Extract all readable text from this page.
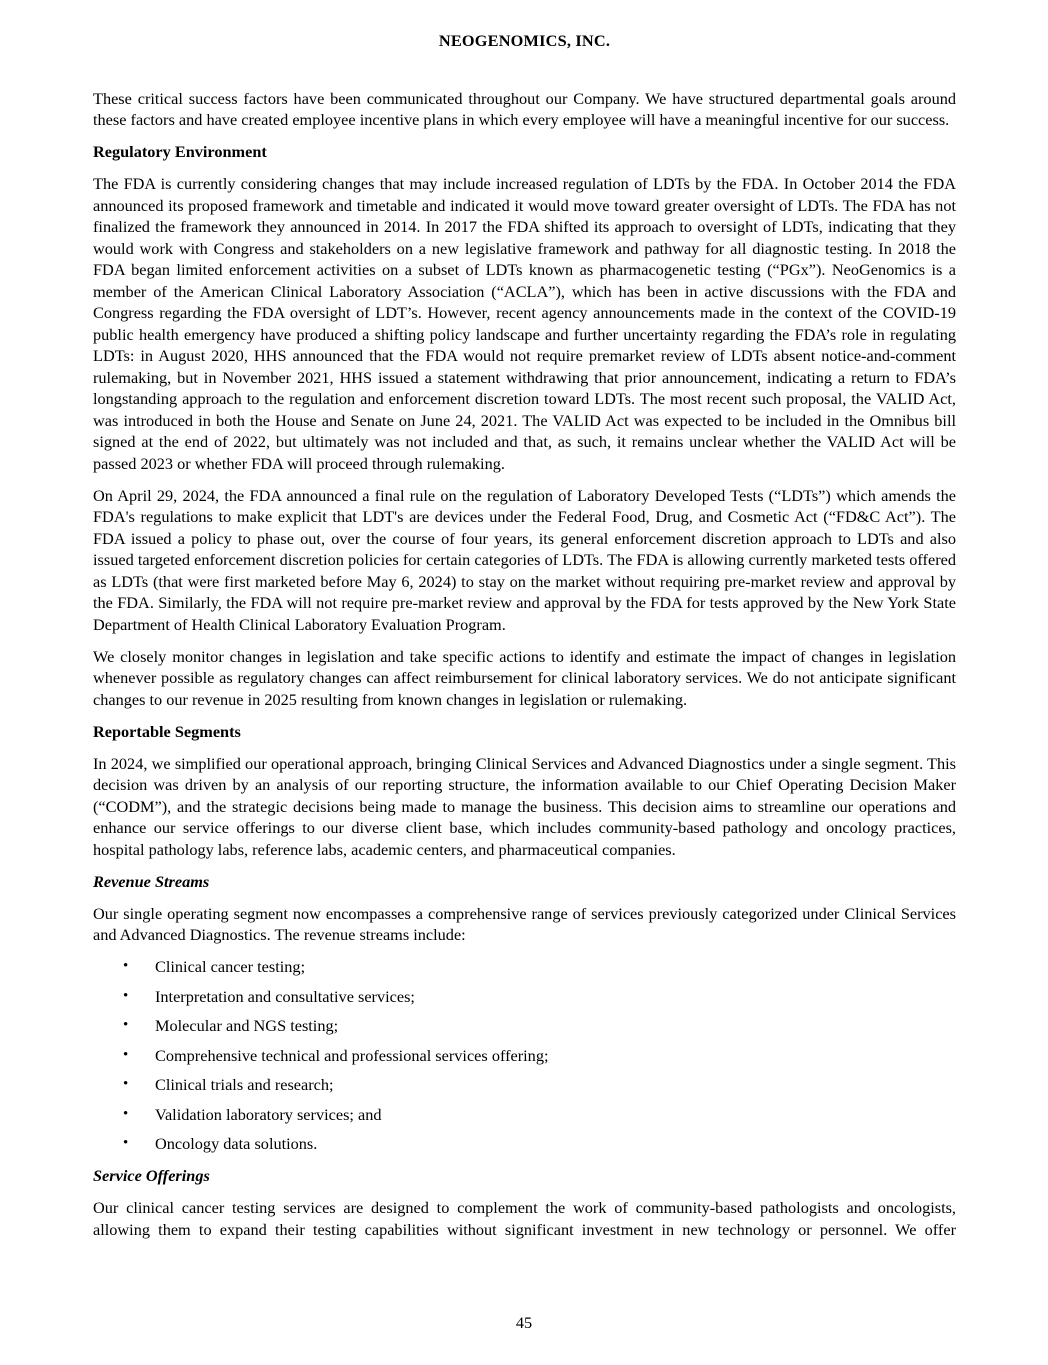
NEOGENOMICS, INC.

These critical success factors have been communicated throughout our Company. We have structured departmental goals around these factors and have created employee incentive plans in which every employee will have a meaningful incentive for our success.

Regulatory Environment

The FDA is currently considering changes that may include increased regulation of LDTs by the FDA. In October 2014 the FDA announced its proposed framework and timetable and indicated it would move toward greater oversight of LDTs. The FDA has not finalized the framework they announced in 2014. In 2017 the FDA shifted its approach to oversight of LDTs, indicating that they would work with Congress and stakeholders on a new legislative framework and pathway for all diagnostic testing. In 2018 the FDA began limited enforcement activities on a subset of LDTs known as pharmacogenetic testing (“PGx”). NeoGenomics is a member of the American Clinical Laboratory Association (“ACLA”), which has been in active discussions with the FDA and Congress regarding the FDA oversight of LDT’s. However, recent agency announcements made in the context of the COVID-19 public health emergency have produced a shifting policy landscape and further uncertainty regarding the FDA’s role in regulating LDTs: in August 2020, HHS announced that the FDA would not require premarket review of LDTs absent notice-and-comment rulemaking, but in November 2021, HHS issued a statement withdrawing that prior announcement, indicating a return to FDA’s longstanding approach to the regulation and enforcement discretion toward LDTs. The most recent such proposal, the VALID Act, was introduced in both the House and Senate on June 24, 2021. The VALID Act was expected to be included in the Omnibus bill signed at the end of 2022, but ultimately was not included and that, as such, it remains unclear whether the VALID Act will be passed 2023 or whether FDA will proceed through rulemaking.

On April 29, 2024, the FDA announced a final rule on the regulation of Laboratory Developed Tests (“LDTs”) which amends the FDA's regulations to make explicit that LDT's are devices under the Federal Food, Drug, and Cosmetic Act (“FD&C Act”). The FDA issued a policy to phase out, over the course of four years, its general enforcement discretion approach to LDTs and also issued targeted enforcement discretion policies for certain categories of LDTs. The FDA is allowing currently marketed tests offered as LDTs (that were first marketed before May 6, 2024) to stay on the market without requiring pre-market review and approval by the FDA. Similarly, the FDA will not require pre-market review and approval by the FDA for tests approved by the New York State Department of Health Clinical Laboratory Evaluation Program.

We closely monitor changes in legislation and take specific actions to identify and estimate the impact of changes in legislation whenever possible as regulatory changes can affect reimbursement for clinical laboratory services. We do not anticipate significant changes to our revenue in 2025 resulting from known changes in legislation or rulemaking.

Reportable Segments

In 2024, we simplified our operational approach, bringing Clinical Services and Advanced Diagnostics under a single segment. This decision was driven by an analysis of our reporting structure, the information available to our Chief Operating Decision Maker (“CODM”), and the strategic decisions being made to manage the business. This decision aims to streamline our operations and enhance our service offerings to our diverse client base, which includes community-based pathology and oncology practices, hospital pathology labs, reference labs, academic centers, and pharmaceutical companies.

Revenue Streams

Our single operating segment now encompasses a comprehensive range of services previously categorized under Clinical Services and Advanced Diagnostics. The revenue streams include:

• Clinical cancer testing;
• Interpretation and consultative services;
• Molecular and NGS testing;
• Comprehensive technical and professional services offering;
• Clinical trials and research;
• Validation laboratory services; and
• Oncology data solutions.
Service Offerings

Our clinical cancer testing services are designed to complement the work of community-based pathologists and oncologists, allowing them to expand their testing capabilities without significant investment in new technology or personnel. We offer

45
